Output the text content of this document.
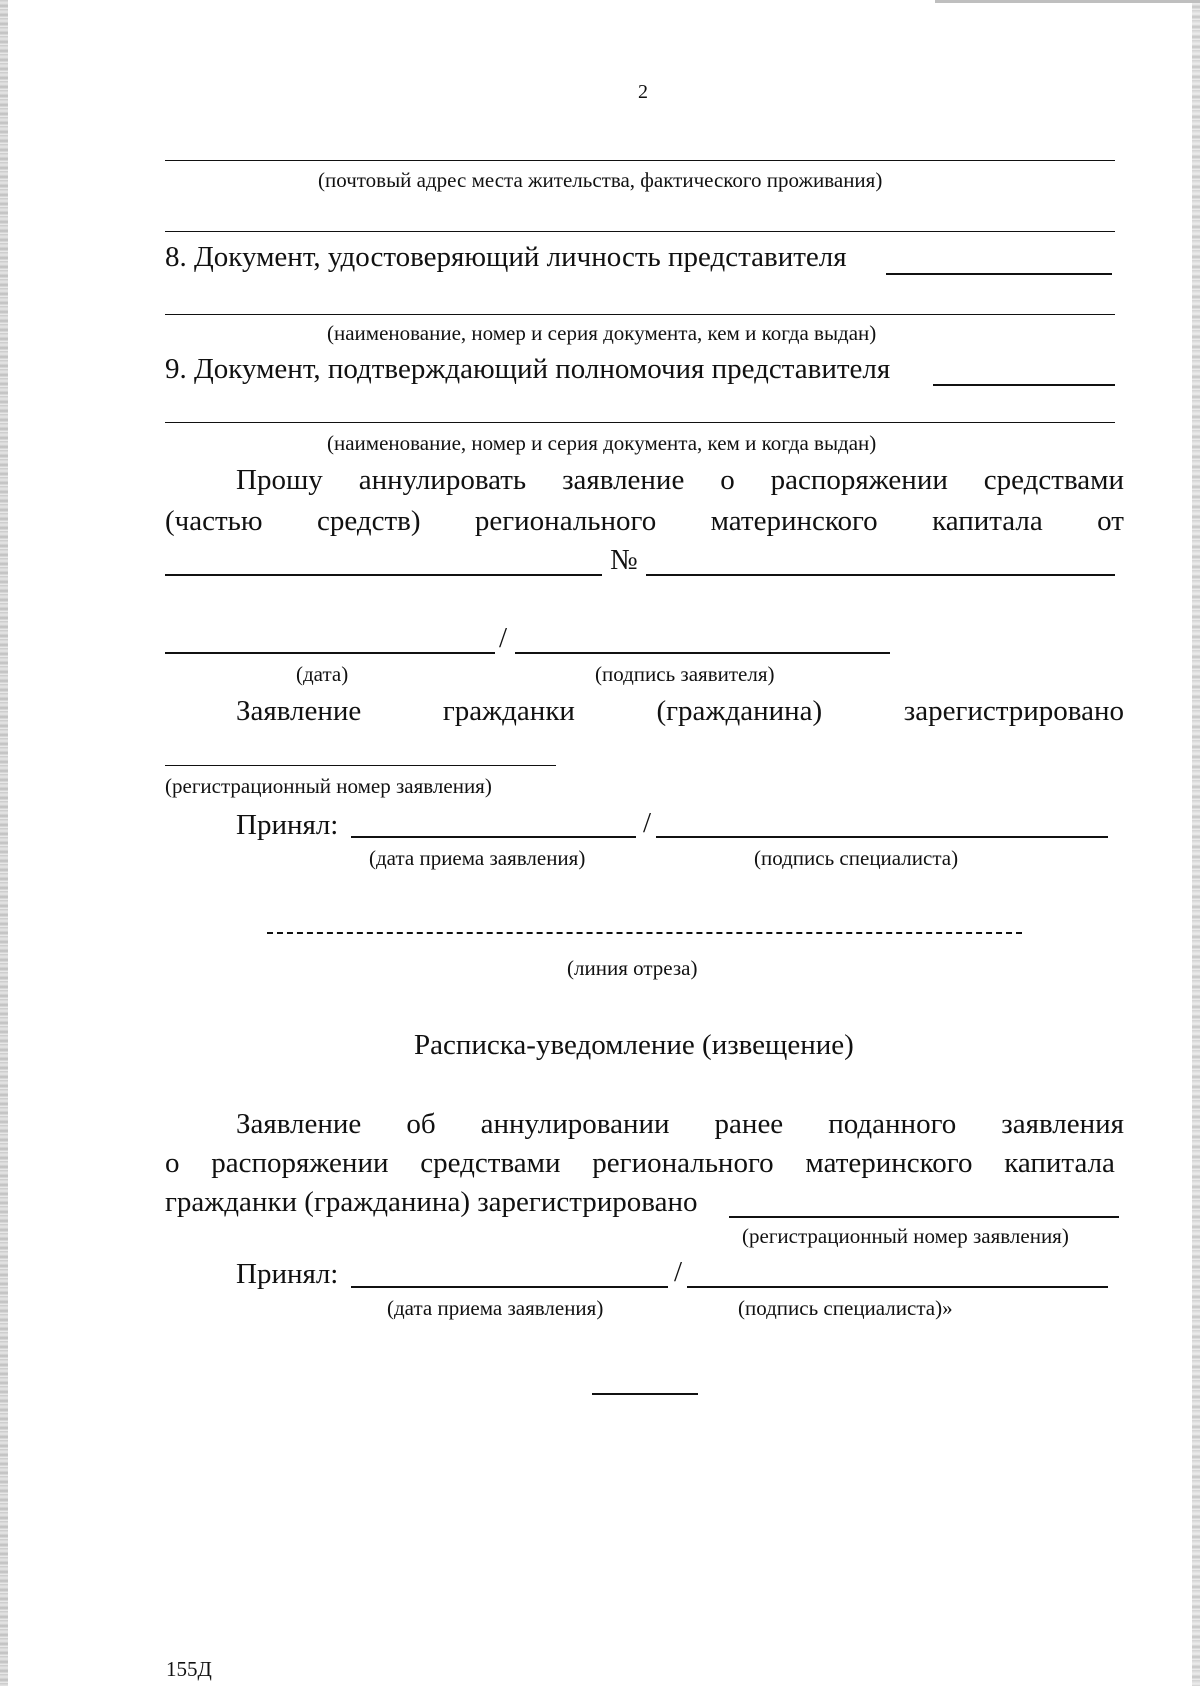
2
(почтовый адрес места жительства, фактического проживания)
8. Документ, удостоверяющий личность представителя
(наименование, номер и серия документа, кем и когда выдан)
9. Документ, подтверждающий полномочия представителя
(наименование, номер и серия документа, кем и когда выдан)
Прошу аннулировать заявление о распоряжении средствами
(частью средств) регионального материнского капитала от
№
/
(дата)	(подпись заявителя)
Заявление	гражданки	(гражданина)	зарегистрировано
(регистрационный номер заявления)
Принял:	/
(дата приема заявления)	(подпись специалиста)
(линия отреза)
Расписка-уведомление (извещение)
Заявление об аннулировании ранее поданного заявления
о распоряжении средствами регионального материнского капитала
гражданки (гражданина) зарегистрировано
(регистрационный номер заявления)
Принял:	/
(дата приема заявления)	(подпись специалиста)»
155Д
